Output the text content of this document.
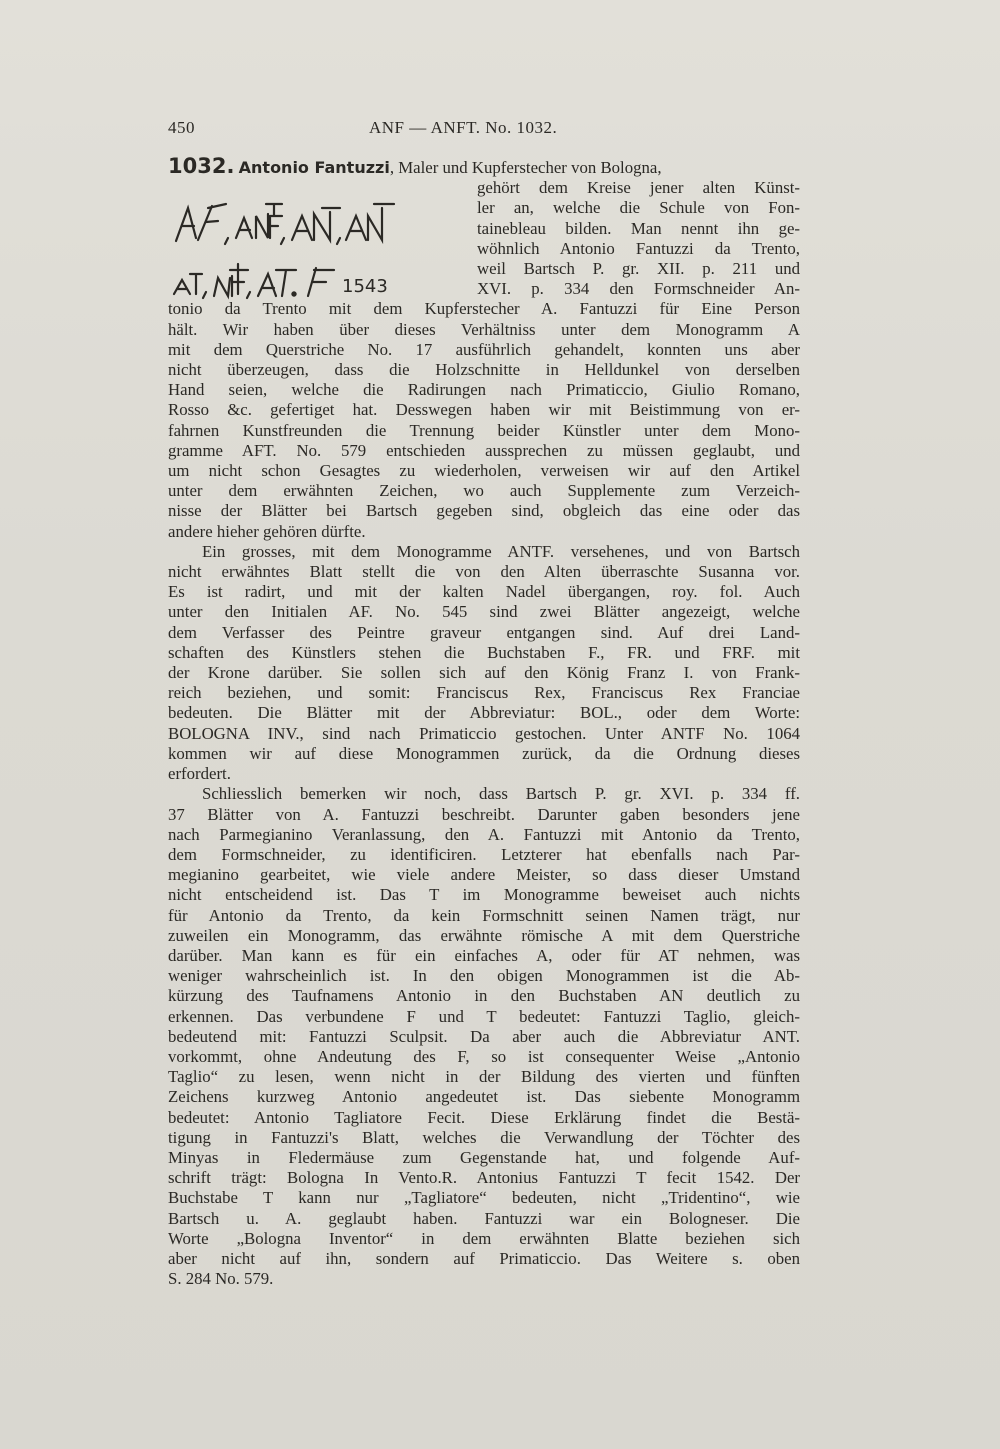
450	ANF — ANFT. No. 1032.
1543
1032. Antonio Fantuzzi, Maler und Kupferstecher von Bologna,
gehört dem Kreise jener alten Künst-
ler an, welche die Schule von Fon-
tainebleau bilden. Man nennt ihn ge-
wöhnlich Antonio Fantuzzi da Trento,
weil Bartsch P. gr. XII. p. 211 und
XVI. p. 334 den Formschneider An-
tonio da Trento mit dem Kupferstecher A. Fantuzzi für Eine Person
hält. Wir haben über dieses Verhältniss unter dem Monogramm A
mit dem Querstriche No. 17 ausführlich gehandelt, konnten uns aber
nicht überzeugen, dass die Holzschnitte in Helldunkel von derselben
Hand seien, welche die Radirungen nach Primaticcio, Giulio Romano,
Rosso &c. gefertiget hat. Desswegen haben wir mit Beistimmung von er-
fahrnen Kunstfreunden die Trennung beider Künstler unter dem Mono-
gramme AFT. No. 579 entschieden aussprechen zu müssen geglaubt, und
um nicht schon Gesagtes zu wiederholen, verweisen wir auf den Artikel
unter dem erwähnten Zeichen, wo auch Supplemente zum Verzeich-
nisse der Blätter bei Bartsch gegeben sind, obgleich das eine oder das
andere hieher gehören dürfte.
Ein grosses, mit dem Monogramme ANTF. versehenes, und von Bartsch
nicht erwähntes Blatt stellt die von den Alten überraschte Susanna vor.
Es ist radirt, und mit der kalten Nadel übergangen, roy. fol. Auch
unter den Initialen AF. No. 545 sind zwei Blätter angezeigt, welche
dem Verfasser des Peintre graveur entgangen sind. Auf drei Land-
schaften des Künstlers stehen die Buchstaben F., FR. und FRF. mit
der Krone darüber. Sie sollen sich auf den König Franz I. von Frank-
reich beziehen, und somit: Franciscus Rex, Franciscus Rex Franciae
bedeuten. Die Blätter mit der Abbreviatur: BOL., oder dem Worte:
BOLOGNA INV., sind nach Primaticcio gestochen. Unter ANTF No. 1064
kommen wir auf diese Monogrammen zurück, da die Ordnung dieses
erfordert.
Schliesslich bemerken wir noch, dass Bartsch P. gr. XVI. p. 334 ff.
37 Blätter von A. Fantuzzi beschreibt. Darunter gaben besonders jene
nach Parmegianino Veranlassung, den A. Fantuzzi mit Antonio da Trento,
dem Formschneider, zu identificiren. Letzterer hat ebenfalls nach Par-
megianino gearbeitet, wie viele andere Meister, so dass dieser Umstand
nicht entscheidend ist. Das T im Monogramme beweiset auch nichts
für Antonio da Trento, da kein Formschnitt seinen Namen trägt, nur
zuweilen ein Monogramm, das erwähnte römische A mit dem Querstriche
darüber. Man kann es für ein einfaches A, oder für AT nehmen, was
weniger wahrscheinlich ist. In den obigen Monogrammen ist die Ab-
kürzung des Taufnamens Antonio in den Buchstaben AN deutlich zu
erkennen. Das verbundene F und T bedeutet: Fantuzzi Taglio, gleich-
bedeutend mit: Fantuzzi Sculpsit. Da aber auch die Abbreviatur ANT.
vorkommt, ohne Andeutung des F, so ist consequenter Weise „Antonio
Taglio“ zu lesen, wenn nicht in der Bildung des vierten und fünften
Zeichens kurzweg Antonio angedeutet ist. Das siebente Monogramm
bedeutet: Antonio Tagliatore Fecit. Diese Erklärung findet die Bestä-
tigung in Fantuzzi's Blatt, welches die Verwandlung der Töchter des
Minyas in Fledermäuse zum Gegenstande hat, und folgende Auf-
schrift trägt: Bologna In Vento.R. Antonius Fantuzzi T fecit 1542. Der
Buchstabe T kann nur „Tagliatore“ bedeuten, nicht „Tridentino“, wie
Bartsch u. A. geglaubt haben. Fantuzzi war ein Bologneser. Die
Worte „Bologna Inventor“ in dem erwähnten Blatte beziehen sich
aber nicht auf ihn, sondern auf Primaticcio. Das Weitere s. oben
S. 284 No. 579.
